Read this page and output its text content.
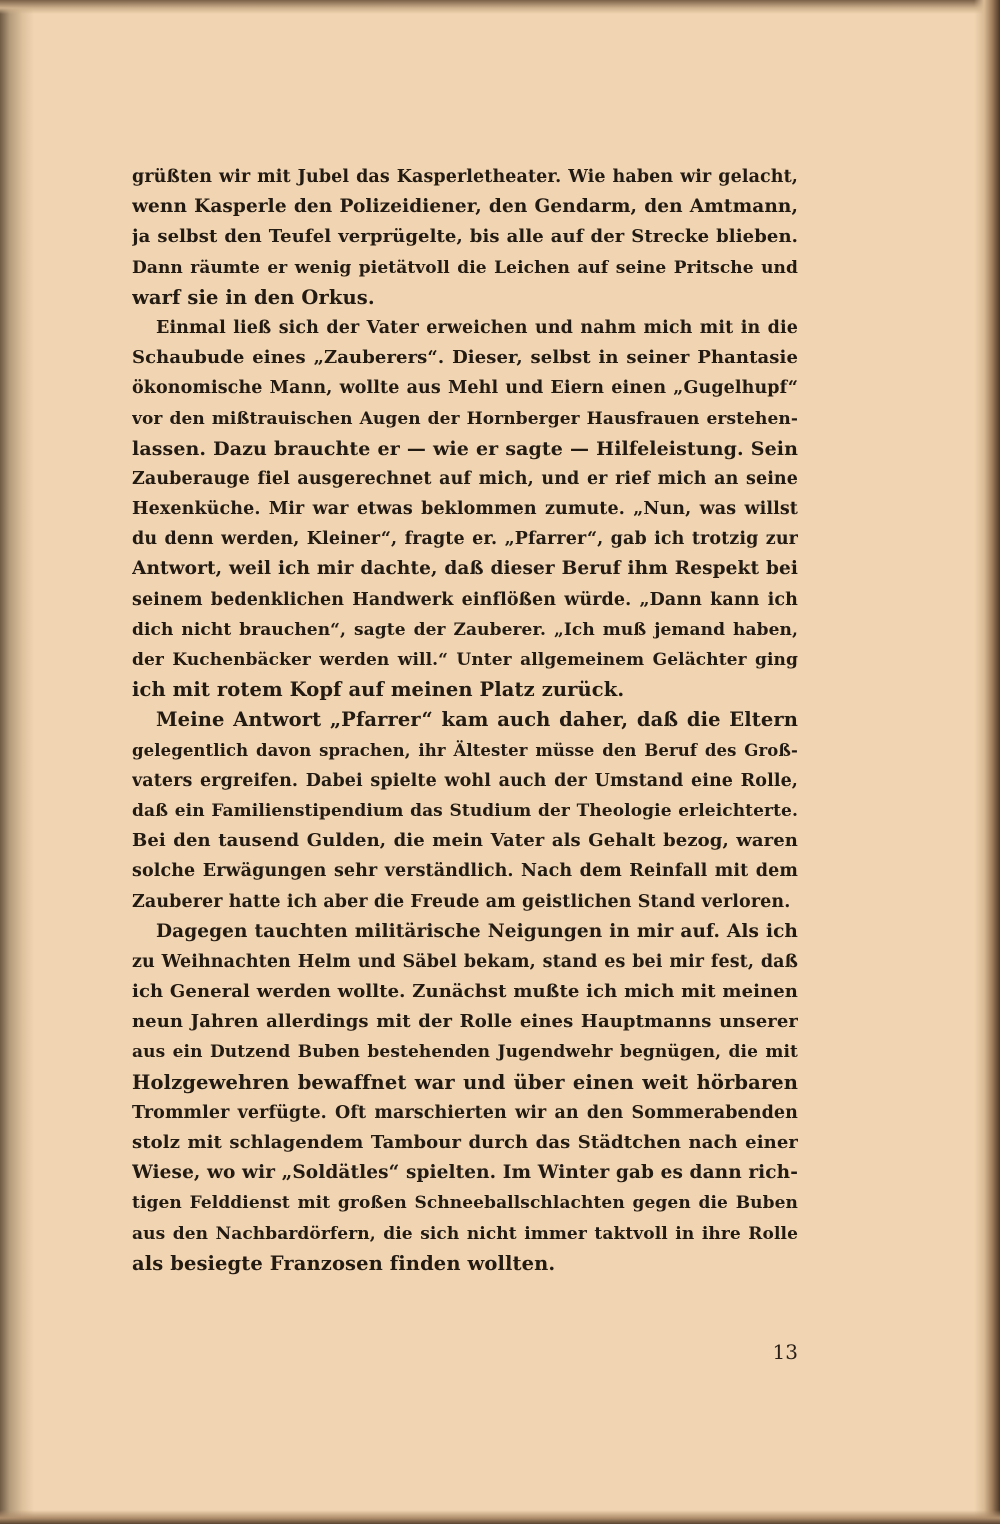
grüßten wir mit Jubel das Kasperletheater. Wie haben wir gelacht,
wenn Kasperle den Polizeidiener, den Gendarm, den Amtmann,
ja selbst den Teufel verprügelte, bis alle auf der Strecke blieben.
Dann räumte er wenig pietätvoll die Leichen auf seine Pritsche und
warf sie in den Orkus.
Einmal ließ sich der Vater erweichen und nahm mich mit in die
Schaubude eines „Zauberers“. Dieser, selbst in seiner Phantasie
ökonomische Mann, wollte aus Mehl und Eiern einen „Gugelhupf“
vor den mißtrauischen Augen der Hornberger Hausfrauen erstehen-
lassen. Dazu brauchte er — wie er sagte — Hilfeleistung. Sein
Zauberauge fiel ausgerechnet auf mich, und er rief mich an seine
Hexenküche. Mir war etwas beklommen zumute. „Nun, was willst
du denn werden, Kleiner“, fragte er. „Pfarrer“, gab ich trotzig zur
Antwort, weil ich mir dachte, daß dieser Beruf ihm Respekt bei
seinem bedenklichen Handwerk einflößen würde. „Dann kann ich
dich nicht brauchen“, sagte der Zauberer. „Ich muß jemand haben,
der Kuchenbäcker werden will.“ Unter allgemeinem Gelächter ging
ich mit rotem Kopf auf meinen Platz zurück.
Meine Antwort „Pfarrer“ kam auch daher, daß die Eltern
gelegentlich davon sprachen, ihr Ältester müsse den Beruf des Groß-
vaters ergreifen. Dabei spielte wohl auch der Umstand eine Rolle,
daß ein Familienstipendium das Studium der Theologie erleichterte.
Bei den tausend Gulden, die mein Vater als Gehalt bezog, waren
solche Erwägungen sehr verständlich. Nach dem Reinfall mit dem
Zauberer hatte ich aber die Freude am geistlichen Stand verloren.
Dagegen tauchten militärische Neigungen in mir auf. Als ich
zu Weihnachten Helm und Säbel bekam, stand es bei mir fest, daß
ich General werden wollte. Zunächst mußte ich mich mit meinen
neun Jahren allerdings mit der Rolle eines Hauptmanns unserer
aus ein Dutzend Buben bestehenden Jugendwehr begnügen, die mit
Holzgewehren bewaffnet war und über einen weit hörbaren
Trommler verfügte. Oft marschierten wir an den Sommerabenden
stolz mit schlagendem Tambour durch das Städtchen nach einer
Wiese, wo wir „Soldätles“ spielten. Im Winter gab es dann rich-
tigen Felddienst mit großen Schneeballschlachten gegen die Buben
aus den Nachbardörfern, die sich nicht immer taktvoll in ihre Rolle
als besiegte Franzosen finden wollten.
13
